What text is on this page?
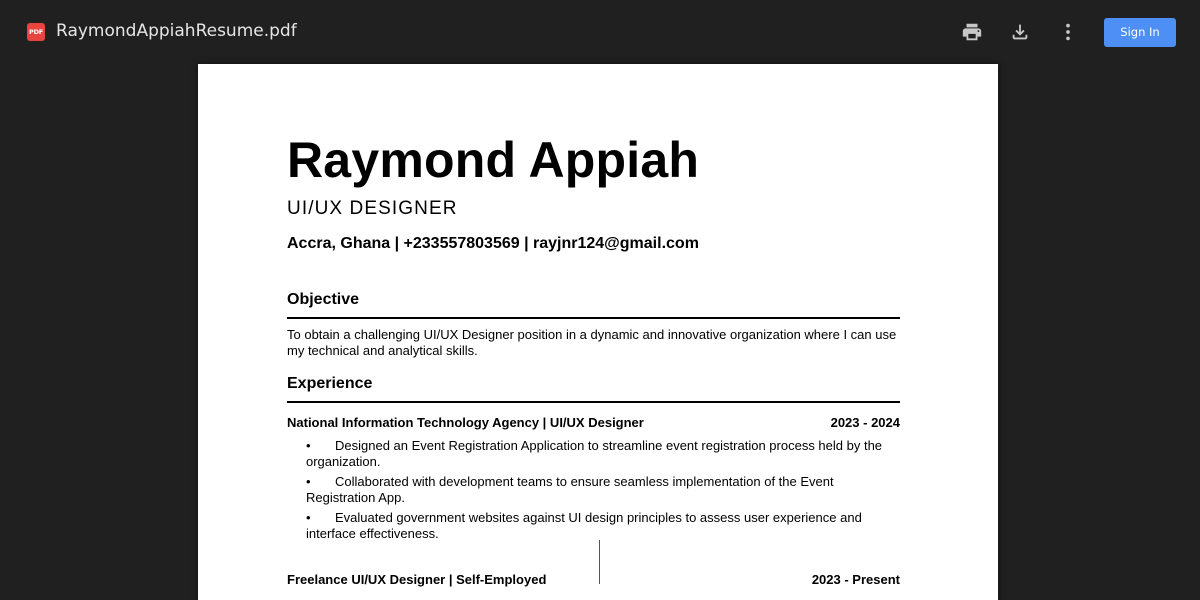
PDF RaymondAppiahResume.pdf	Sign In
Raymond Appiah
UI/UX DESIGNER
Accra, Ghana | +233557803569 | rayjnr124@gmail.com
Objective
To obtain a challenging UI/UX Designer position in a dynamic and innovative organization where I can use my technical and analytical skills.
Experience
National Information Technology Agency | UI/UX Designer	2023 - 2024
• Designed an Event Registration Application to streamline event registration process held by the organization.
• Collaborated with development teams to ensure seamless implementation of the Event Registration App.
• Evaluated government websites against UI design principles to assess user experience and interface effectiveness.
Freelance UI/UX Designer | Self-Employed	2023 - Present
